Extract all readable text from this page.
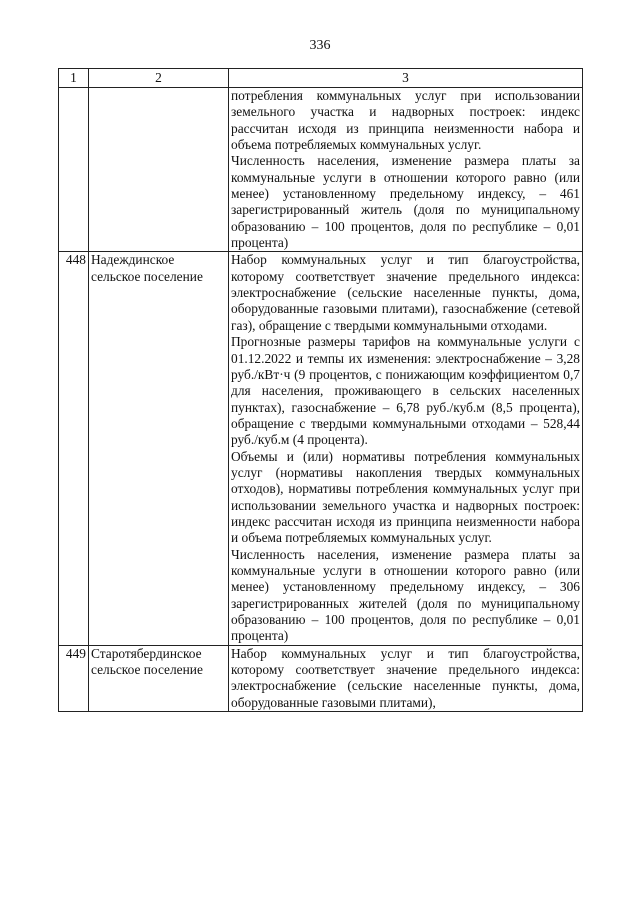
336
1	2	3

		потребления коммунальных услуг при использовании земельного участка и надворных построек: индекс рассчитан исходя из принципа неизменности набора и объема потребляемых коммунальных услуг.

Численность населения, изменение размера платы за коммунальные услуги в отношении которого равно (или менее) установленному предельному индексу, – 461 зарегистрированный житель (доля по муниципальному образованию – 100 процентов, доля по республике – 0,01 процента)

448	Надеждинское сельское поселение	Набор коммунальных услуг и тип благоустройства, которому соответствует значение предельного индекса: электроснабжение (сельские населенные пункты, дома, оборудованные газовыми плитами), газоснабжение (сетевой газ), обращение с твердыми коммунальными отходами.

Прогнозные размеры тарифов на коммунальные услуги с 01.12.2022 и темпы их изменения: электроснабжение – 3,28 руб./кВт·ч (9 процентов, с понижающим коэффициентом 0,7 для населения, проживающего в сельских населенных пунктах), газоснабжение – 6,78 руб./куб.м (8,5 процента), обращение с твердыми коммунальными отходами – 528,44 руб./куб.м (4 процента).

Объемы и (или) нормативы потребления коммунальных услуг (нормативы накопления твердых коммунальных отходов), нормативы потребления коммунальных услуг при использовании земельного участка и надворных построек: индекс рассчитан исходя из принципа неизменности набора и объема потребляемых коммунальных услуг.

Численность населения, изменение размера платы за коммунальные услуги в отношении которого равно (или менее) установленному предельному индексу, – 306 зарегистрированных жителей (доля по муниципальному образованию – 100 процентов, доля по республике – 0,01 процента)

449	Старотябердинское сельское поселение	Набор коммунальных услуг и тип благоустройства, которому соответствует значение предельного индекса: электроснабжение (сельские населенные пункты, дома, оборудованные газовыми плитами),
